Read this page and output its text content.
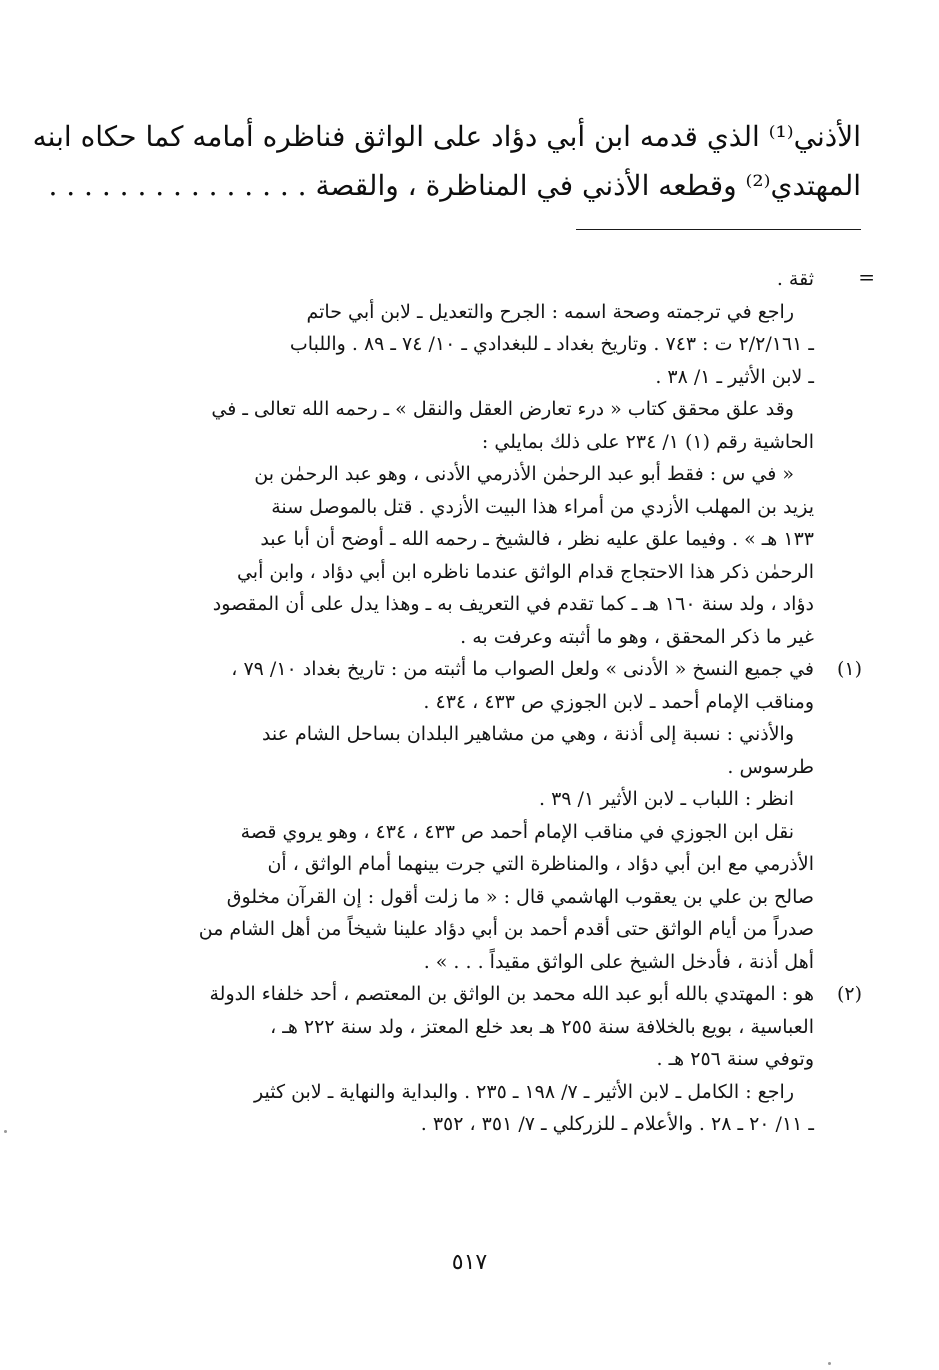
الأذني⁽¹⁾ الذي قدمه ابن أبي دؤاد على الواثق فناظره أمامه كما حكاه ابنه
المهتدي⁽²⁾ وقطعه الأذني في المناظرة ، والقصة . . . . . . . . . . . . . . .
=
ثقة .
راجع في ترجمته وصحة اسمه : الجرح والتعديل ـ لابن أبي حاتم
ـ ٢/٢/١٦١ ت : ٧٤٣ . وتاريخ بغداد ـ للبغدادي ـ ١٠/ ٧٤ ـ ٨٩ . واللباب
ـ لابن الأثير ـ ١/ ٣٨ .
وقد علق محقق كتاب « درء تعارض العقل والنقل » ـ رحمه الله تعالى ـ في
الحاشية رقم (١) ١/ ٢٣٤ على ذلك بمايلي :
« في س : فقط أبو عبد الرحمٰن الأذرمي الأدنى ، وهو عبد الرحمٰن بن
يزيد بن المهلب الأزدي من أمراء هذا البيت الأزدي . قتل بالموصل سنة
١٣٣ هـ » . وفيما علق عليه نظر ، فالشيخ ـ رحمه الله ـ أوضح أن أبا عبد
الرحمٰن ذكر هذا الاحتجاج قدام الواثق عندما ناظره ابن أبي دؤاد ، وابن أبي
دؤاد ، ولد سنة ١٦٠ هـ ـ كما تقدم في التعريف به ـ وهذا يدل على أن المقصود
غير ما ذكر المحقق ، وهو ما أثبته وعرفت به .
(١)
في جميع النسخ « الأدنى » ولعل الصواب ما أثبته من : تاريخ بغداد ١٠/ ٧٩ ،
ومناقب الإمام أحمد ـ لابن الجوزي ص ٤٣٣ ، ٤٣٤ .
والأذني : نسبة إلى أذنة ، وهي من مشاهير البلدان بساحل الشام عند
طرسوس .
انظر : اللباب ـ لابن الأثير ١/ ٣٩ .
نقل ابن الجوزي في مناقب الإمام أحمد ص ٤٣٣ ، ٤٣٤ ، وهو يروي قصة
الأذرمي مع ابن أبي دؤاد ، والمناظرة التي جرت بينهما أمام الواثق ، أن
صالح بن علي بن يعقوب الهاشمي قال : « ما زلت أقول : إن القرآن مخلوق
صدراً من أيام الواثق حتى أقدم أحمد بن أبي دؤاد علينا شيخاً من أهل الشام من
أهل أذنة ، فأدخل الشيخ على الواثق مقيداً . . . » .
(٢)
هو : المهتدي بالله أبو عبد الله محمد بن الواثق بن المعتصم ، أحد خلفاء الدولة
العباسية ، بويع بالخلافة سنة ٢٥٥ هـ بعد خلع المعتز ، ولد سنة ٢٢٢ هـ ،
وتوفي سنة ٢٥٦ هـ .
راجع : الكامل ـ لابن الأثير ـ ٧/ ١٩٨ ـ ٢٣٥ . والبداية والنهاية ـ لابن كثير
ـ ١١/ ٢٠ ـ ٢٨ . والأعلام ـ للزركلي ـ ٧/ ٣٥١ ، ٣٥٢ .
٥١٧
